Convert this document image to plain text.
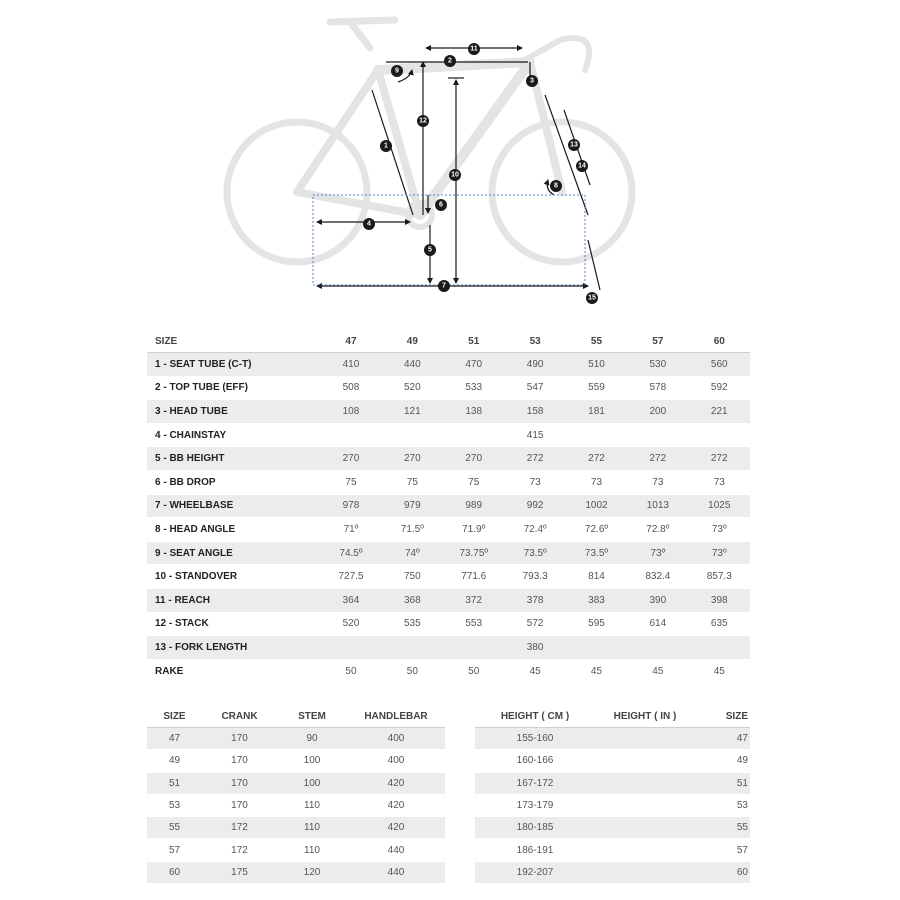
1
2
3
4
5
6
7
8
9
10
11
12
13
14
15
SIZE	47	49	51	53	55	57	60
1 - SEAT TUBE (C-T)	410	440	470	490	510	530	560
2 - TOP TUBE (EFF)	508	520	533	547	559	578	592
3 - HEAD TUBE	108	121	138	158	181	200	221
4 - CHAINSTAY	415						
5 - BB HEIGHT	270	270	270	272	272	272	272
6 - BB DROP	75	75	75	73	73	73	73
7 - WHEELBASE	978	979	989	992	1002	1013	1025
8 - HEAD ANGLE	71º	71.5º	71.9º	72.4º	72.6º	72.8º	73º
9 - SEAT ANGLE	74.5º	74º	73.75º	73.5º	73.5º	73º	73º
10 - STANDOVER	727.5	750	771.6	793.3	814	832.4	857.3
11 - REACH	364	368	372	378	383	390	398
12 - STACK	520	535	553	572	595	614	635
13 - FORK LENGTH	380						
RAKE	50	50	50	45	45	45	45
SIZE	CRANK	STEM	HANDLEBAR
47	170	90	400
49	170	100	400
51	170	100	420
53	170	110	420
55	172	110	420
57	172	110	440
60	175	120	440
HEIGHT ( CM )	HEIGHT ( IN )	SIZE
155-160		47
160-166		49
167-172		51
173-179		53
180-185		55
186-191		57
192-207		60
